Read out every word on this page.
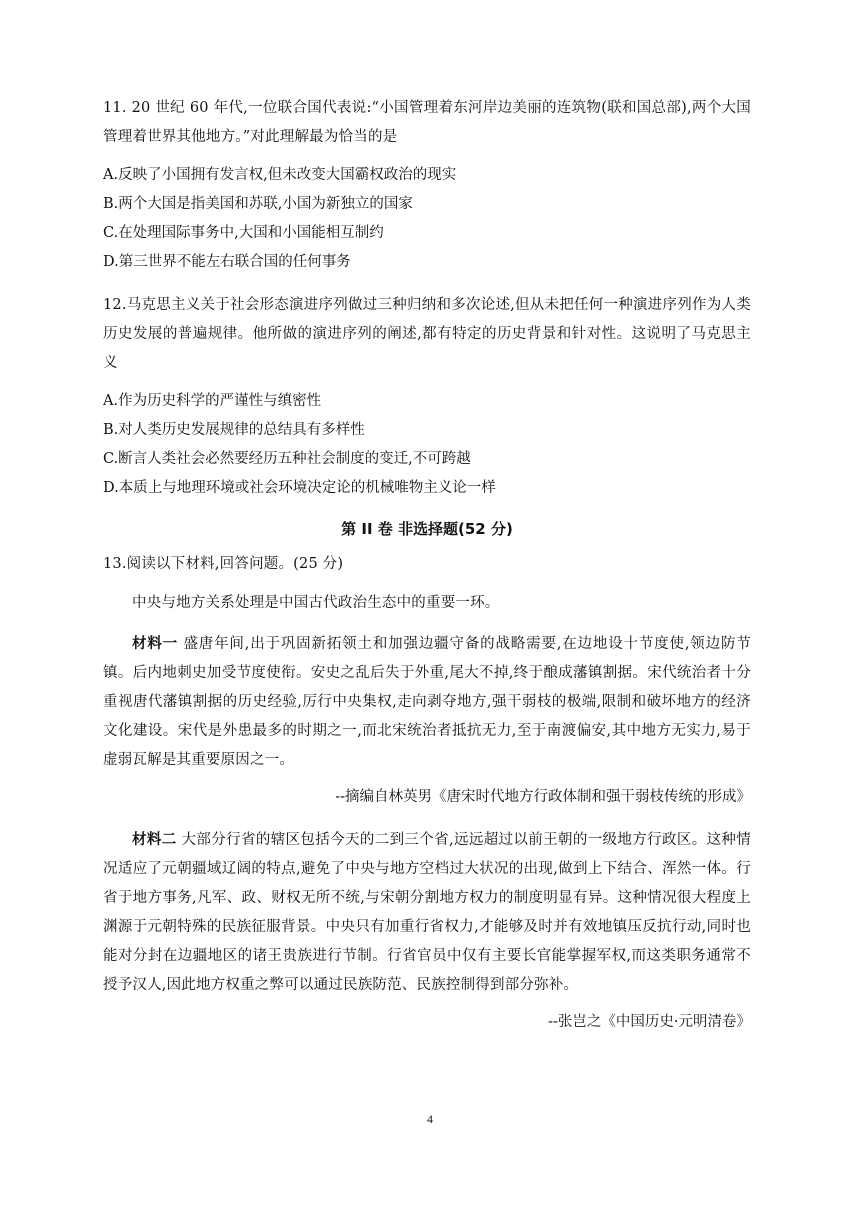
11. 20 世纪 60 年代,一位联合国代表说:“小国管理着东河岸边美丽的连筑物(联和国总部),两个大国管理着世界其他地方。”对此理解最为恰当的是

A.反映了小国拥有发言权,但未改变大国霸权政治的现实

B.两个大国是指美国和苏联,小国为新独立的国家

C.在处理国际事务中,大国和小国能相互制约

D.第三世界不能左右联合国的任何事务

12.马克思主义关于社会形态演进序列做过三种归纳和多次论述,但从未把任何一种演进序列作为人类历史发展的普遍规律。他所做的演进序列的阐述,都有特定的历史背景和针对性。这说明了马克思主义

A.作为历史科学的严谨性与缜密性

B.对人类历史发展规律的总结具有多样性

C.断言人类社会必然要经历五种社会制度的变迁,不可跨越

D.本质上与地理环境或社会环境决定论的机械唯物主义论一样

第 II 卷 非选择题(52 分)

13.阅读以下材料,回答问题。(25 分)

中央与地方关系处理是中国古代政治生态中的重要一环。

材料一 盛唐年间,出于巩固新拓领土和加强边疆守备的战略需要,在边地设十节度使,领边防节镇。后内地刺史加受节度使衔。安史之乱后失于外重,尾大不掉,终于酿成藩镇割据。宋代统治者十分重视唐代藩镇割据的历史经验,厉行中央集权,走向剥夺地方,强干弱枝的极端,限制和破坏地方的经济文化建设。宋代是外患最多的时期之一,而北宋统治者抵抗无力,至于南渡偏安,其中地方无实力,易于虚弱瓦解是其重要原因之一。

--摘编自林英男《唐宋时代地方行政体制和强干弱枝传统的形成》

材料二 大部分行省的辖区包括今天的二到三个省,远远超过以前王朝的一级地方行政区。这种情况适应了元朝疆域辽阔的特点,避免了中央与地方空档过大状况的出现,做到上下结合、浑然一体。行省于地方事务,凡军、政、财权无所不统,与宋朝分割地方权力的制度明显有异。这种情况很大程度上渊源于元朝特殊的民族征服背景。中央只有加重行省权力,才能够及时并有效地镇压反抗行动,同时也能对分封在边疆地区的诸王贵族进行节制。行省官员中仅有主要长官能掌握军权,而这类职务通常不授予汉人,因此地方权重之弊可以通过民族防范、民族控制得到部分弥补。

--张岂之《中国历史·元明清卷》
4
